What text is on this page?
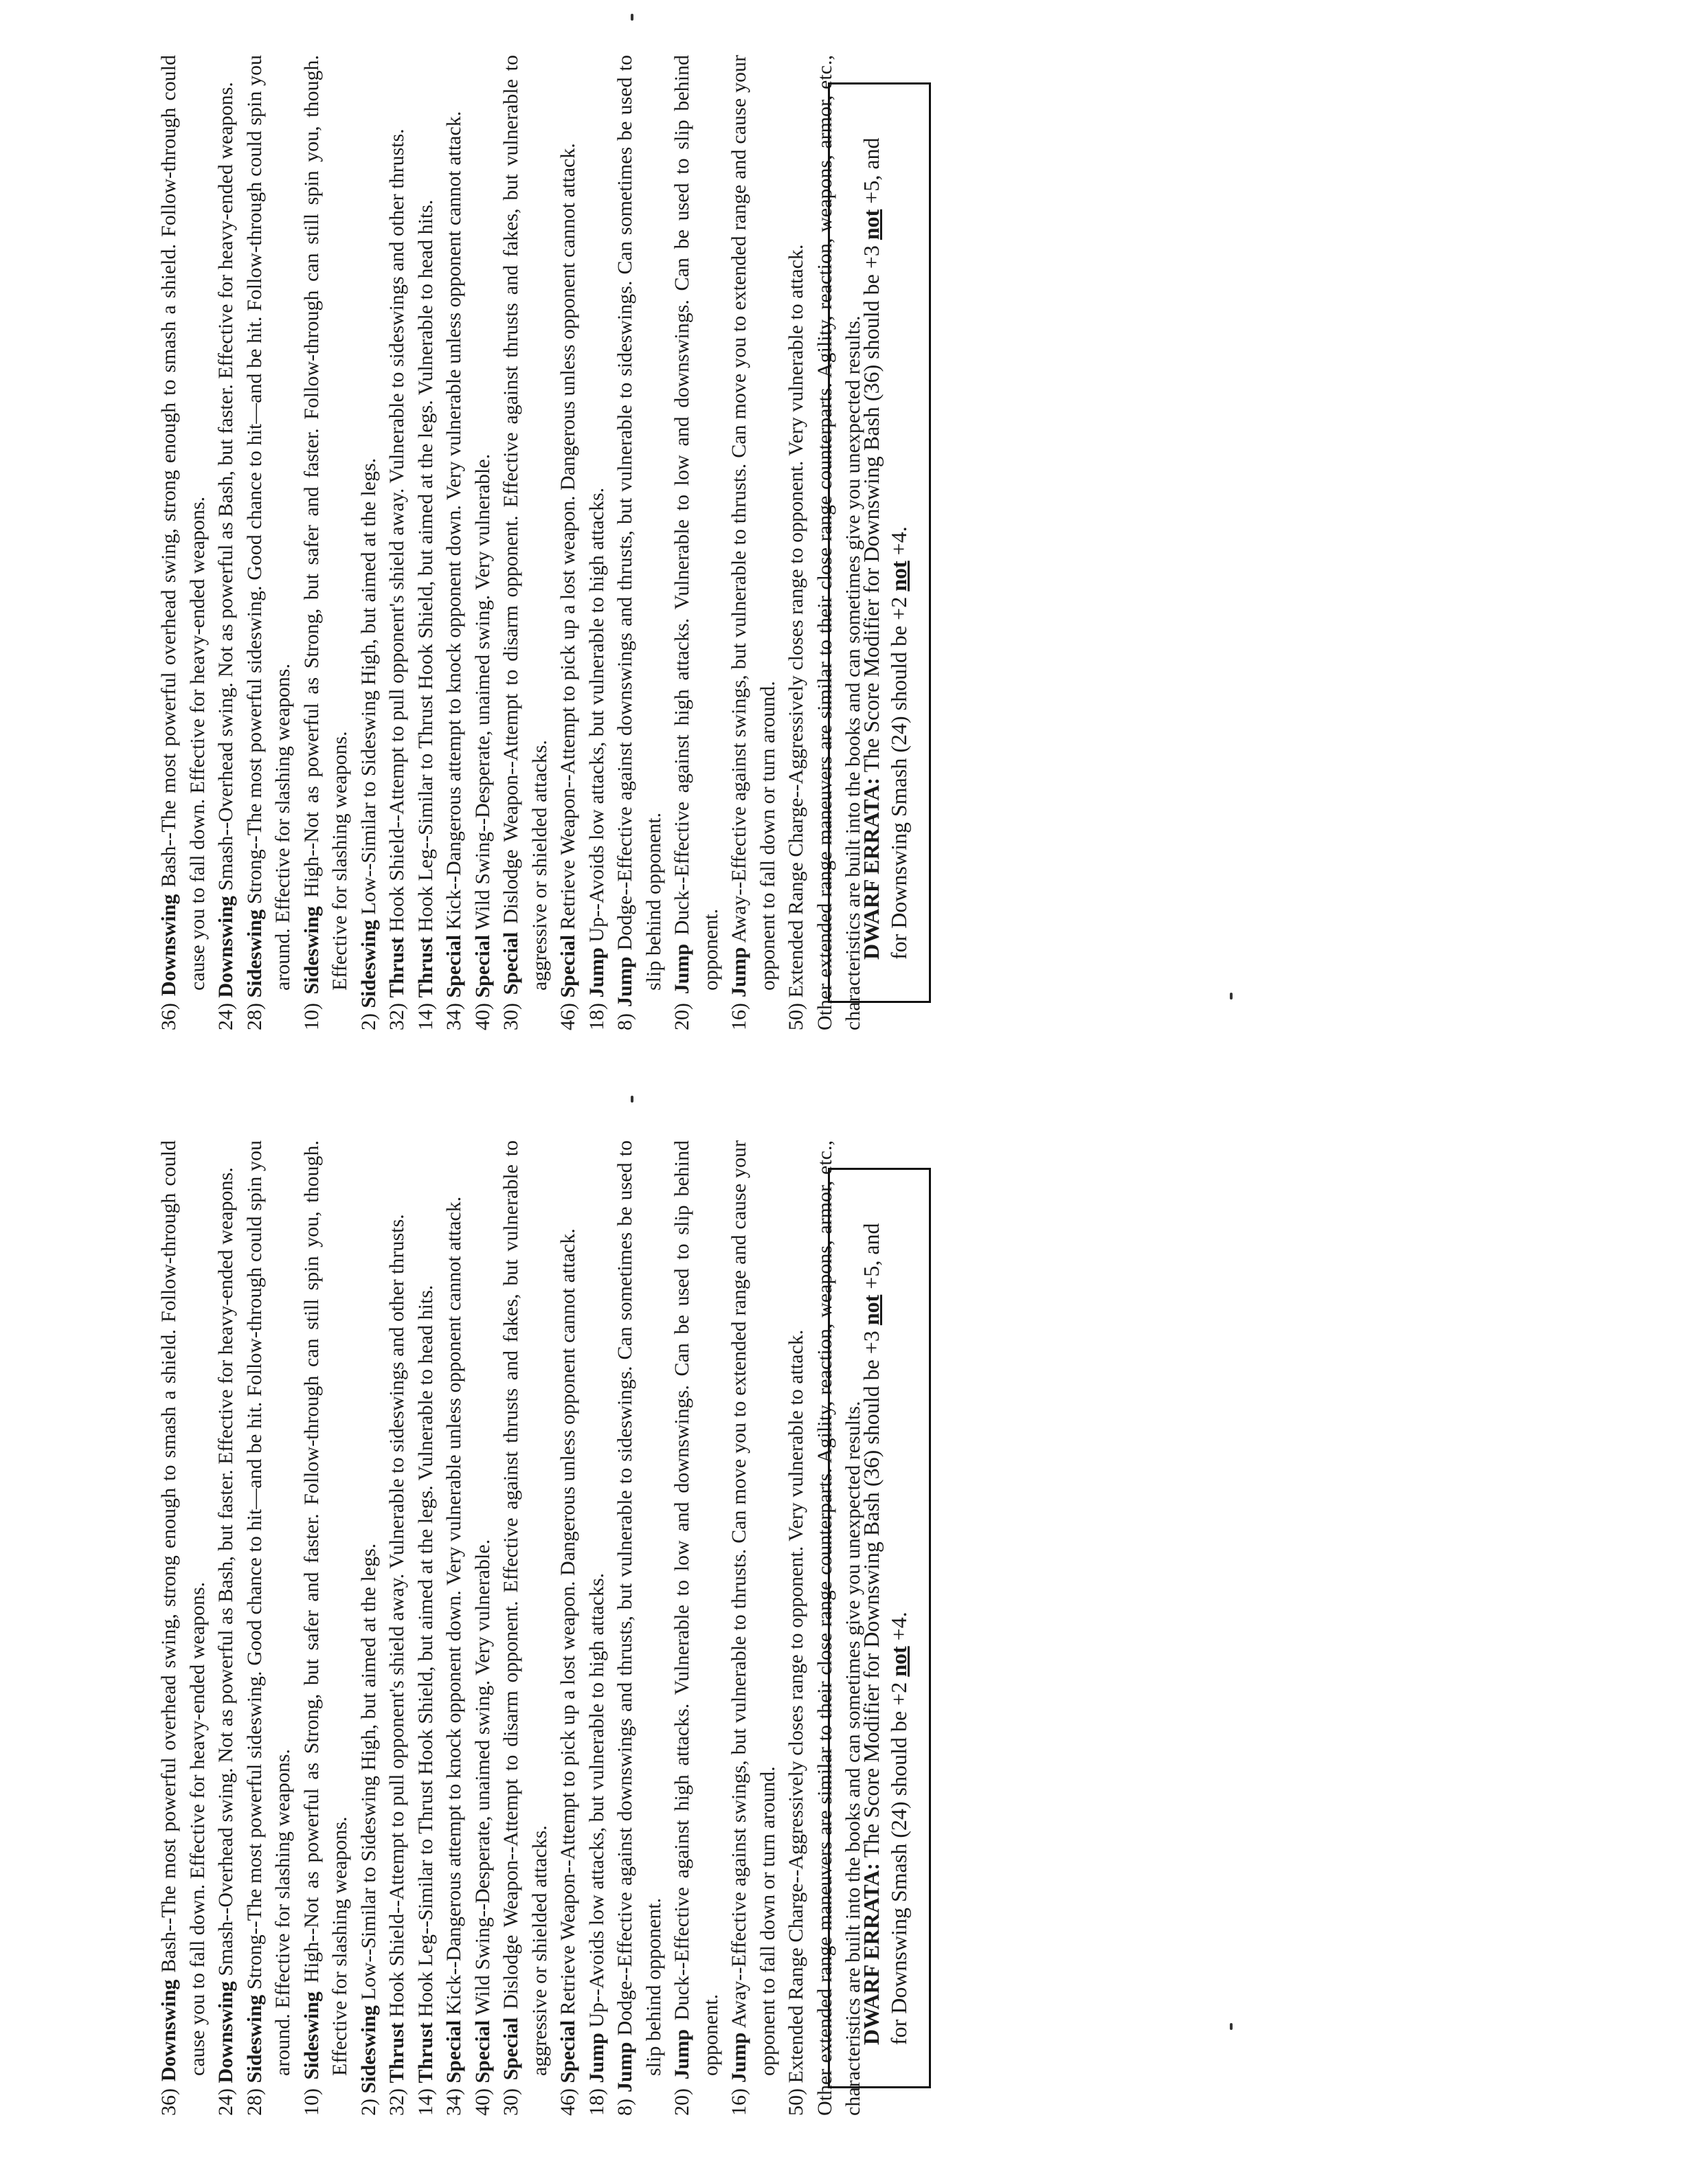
36) Downswing Bash--The most powerful overhead swing, strong enough to smash a shield. Follow-through could cause you to fall down. Effective for heavy-ended weapons.

24) Downswing Smash--Overhead swing. Not as powerful as Bash, but faster. Effective for heavy-ended weapons.

28) Sideswing Strong--The most powerful sideswing. Good chance to hit—and be hit. Follow-through could spin you around. Effective for slashing weapons.

10) Sideswing High--Not as powerful as Strong, but safer and faster. Follow-through can still spin you, though. Effective for slashing weapons.

2) Sideswing Low--Similar to Sideswing High, but aimed at the legs.

32) Thrust Hook Shield--Attempt to pull opponent's shield away. Vulnerable to sideswings and other thrusts.

14) Thrust Hook Leg--Similar to Thrust Hook Shield, but aimed at the legs. Vulnerable to head hits.

34) Special Kick--Dangerous attempt to knock opponent down. Very vulnerable unless opponent cannot attack.

40) Special Wild Swing--Desperate, unaimed swing. Very vulnerable.

30) Special Dislodge Weapon--Attempt to disarm opponent. Effective against thrusts and fakes, but vulnerable to aggressive or shielded attacks.

46) Special Retrieve Weapon--Attempt to pick up a lost weapon. Dangerous unless opponent cannot attack.

18) Jump Up--Avoids low attacks, but vulnerable to high attacks.

8) Jump Dodge--Effective against downswings and thrusts, but vulnerable to sideswings. Can sometimes be used to slip behind opponent.

20) Jump Duck--Effective against high attacks. Vulnerable to low and downswings. Can be used to slip behind opponent.

16) Jump Away--Effective against swings, but vulnerable to thrusts. Can move you to extended range and cause your opponent to fall down or turn around.

50) Extended Range Charge--Aggressively closes range to opponent. Very vulnerable to attack. Other extended range maneuvers are similar to their close range counterparts. Agility, reaction, weapons, armor, etc., characteristics are built into the books and can sometimes give you unexpected results.

DWARF ERRATA: The Score Modifier for Downswing Bash (36) should be +3 not +5, and for Downswing Smash (24) should be +2 not +4.

36) Downswing Bash--The most powerful overhead swing, strong enough to smash a shield. Follow-through could cause you to fall down. Effective for heavy-ended weapons.

24) Downswing Smash--Overhead swing. Not as powerful as Bash, but faster. Effective for heavy-ended weapons.

28) Sideswing Strong--The most powerful sideswing. Good chance to hit—and be hit. Follow-through could spin you around. Effective for slashing weapons.

10) Sideswing High--Not as powerful as Strong, but safer and faster. Follow-through can still spin you, though. Effective for slashing weapons.

2) Sideswing Low--Similar to Sideswing High, but aimed at the legs.

32) Thrust Hook Shield--Attempt to pull opponent's shield away. Vulnerable to sideswings and other thrusts.

14) Thrust Hook Leg--Similar to Thrust Hook Shield, but aimed at the legs. Vulnerable to head hits.

34) Special Kick--Dangerous attempt to knock opponent down. Very vulnerable unless opponent cannot attack.

40) Special Wild Swing--Desperate, unaimed swing. Very vulnerable.

30) Special Dislodge Weapon--Attempt to disarm opponent. Effective against thrusts and fakes, but vulnerable to aggressive or shielded attacks.

46) Special Retrieve Weapon--Attempt to pick up a lost weapon. Dangerous unless opponent cannot attack.

18) Jump Up--Avoids low attacks, but vulnerable to high attacks.

8) Jump Dodge--Effective against downswings and thrusts, but vulnerable to sideswings. Can sometimes be used to slip behind opponent.

20) Jump Duck--Effective against high attacks. Vulnerable to low and downswings. Can be used to slip behind opponent.

16) Jump Away--Effective against swings, but vulnerable to thrusts. Can move you to extended range and cause your opponent to fall down or turn around.

50) Extended Range Charge--Aggressively closes range to opponent. Very vulnerable to attack. Other extended range maneuvers are similar to their close range counterparts. Agility, reaction, weapons, armor, etc., characteristics are built into the books and can sometimes give you unexpected results.

DWARF ERRATA: The Score Modifier for Downswing Bash (36) should be +3 not +5, and for Downswing Smash (24) should be +2 not +4.
